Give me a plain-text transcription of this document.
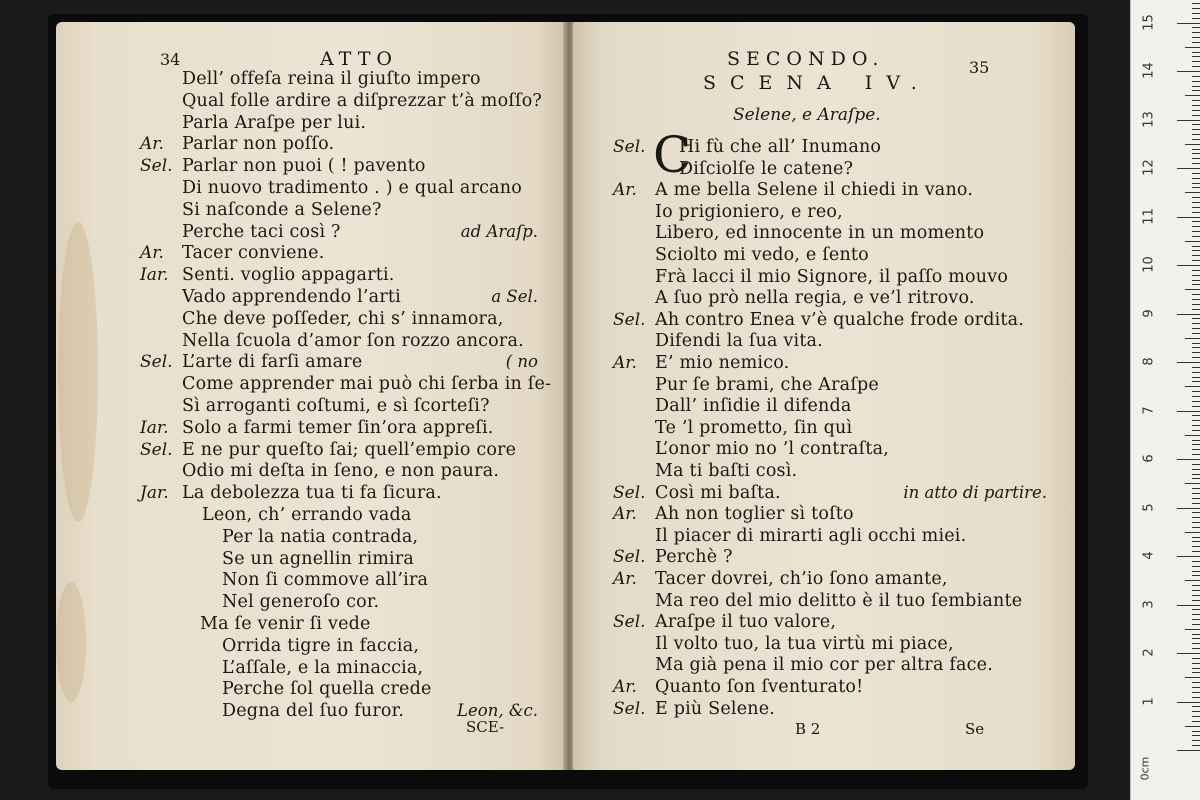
34	ATTO
Dell’ offeſa reina il giuſto impero
Qual folle ardire a diſprezzar t’à moſſo?
Parla Araſpe per lui.
Ar. Parlar non poſſo.
Sel. Parlar non puoi ( ! pavento
Di nuovo tradimento . ) e qual arcano
Si naſconde a Selene?
Perche taci così ?	ad Araſp.
Ar. Tacer conviene.
Iar. Senti. voglio appagarti.
Vado apprendendo l’arti	a Sel.
Che deve poſſeder, chi s’ innamora,
Nella ſcuola d’amor ſon rozzo ancora.
Sel. L’arte di farſi amare	( no
Come apprender mai può chi ſerba in ſe-
Sì arroganti coſtumi, e sì ſcorteſi?
Iar. Solo a farmi temer ſin’ora appreſi.
Sel. E ne pur queſto ſai; quell’empio core
Odio mi deſta in ſeno, e non paura.
Jar. La debolezza tua ti fa ſicura.
Leon, ch’ errando vada
Per la natia contrada,
Se un agnellin rimira
Non ſi commove all’ira
Nel generoſo cor.
Ma ſe venir ſi vede
Orrida tigre in faccia,
L’aſſale, e la minaccia,
Perche ſol quella crede
Degna del ſuo furor.	Leon, &c.
SCE-
SECONDO.	35
SCENA IV.
Selene, e Araſpe.
C
Sel. Hi fù che all’ Inumano
Diſciolſe le catene?
Ar. A me bella Selene il chiedi in vano.
Io prigioniero, e reo,
Libero, ed innocente in un momento
Sciolto mi vedo, e ſento
Frà lacci il mio Signore, il paſſo mouvo
A ſuo prò nella regia, e ve’l ritrovo.
Sel. Ah contro Enea v’è qualche frode ordita.
Difendi la ſua vita.
Ar. E’ mio nemico.
Pur ſe brami, che Araſpe
Dall’ inſidie il difenda
Te ’l prometto, ſin quì
L’onor mio no ’l contraſta,
Ma ti baſti così.
Sel. Così mi baſta.	in atto di partire.
Ar. Ah non toglier sì toſto
Il piacer di mirarti agli occhi miei.
Sel. Perchè ?
Ar. Tacer dovrei, ch’io ſono amante,
Ma reo del mio delitto è il tuo ſembiante
Sel. Araſpe il tuo valore,
Il volto tuo, la tua virtù mi piace,
Ma già pena il mio cor per altra face.
Ar. Quanto ſon ſventurato!
Sel. E più Selene.
B 2	Se
1
2
3
4
5
6
7
8
9
10
11
12
13
14
15
0cm
